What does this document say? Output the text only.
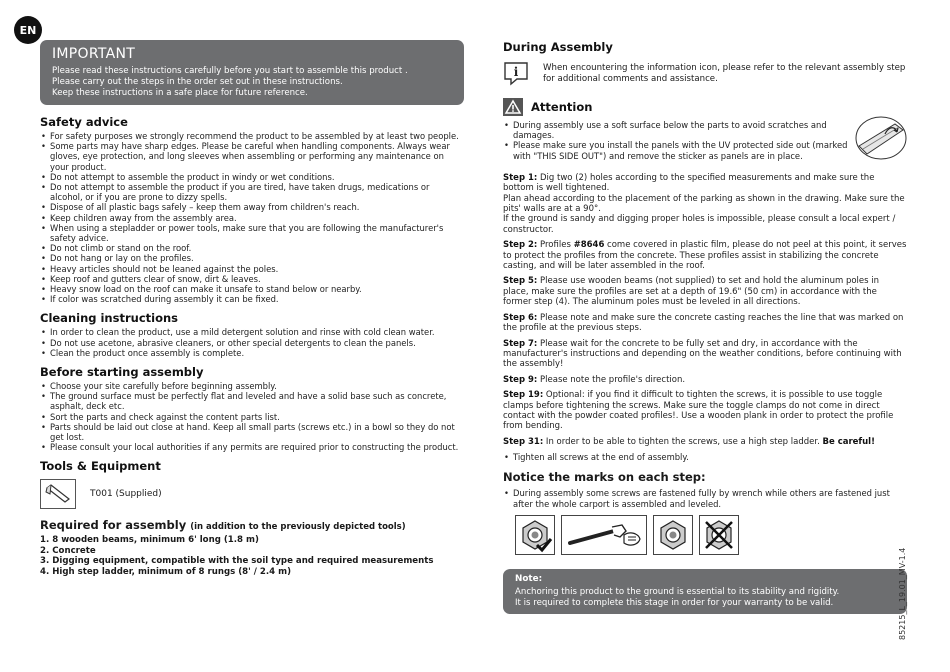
EN
IMPORTANT

Please read these instructions carefully before you start to assemble this product .

Please carry out the steps in the order set out in these instructions.

Keep these instructions in a safe place for future reference.

Safety advice
• For safety purposes we strongly recommend the product to be assembled by at least two people.
• Some parts may have sharp edges. Please be careful when handling components. Always wear gloves, eye protection, and long sleeves when assembling or performing any maintenance on your product.
• Do not attempt to assemble the product in windy or wet conditions.
• Do not attempt to assemble the product if you are tired, have taken drugs, medications or alcohol, or if you are prone to dizzy spells.
• Dispose of all plastic bags safely – keep them away from children's reach.
• Keep children away from the assembly area.
• When using a stepladder or power tools, make sure that you are following the manufacturer's safety advice.
• Do not climb or stand on the roof.
• Do not hang or lay on the profiles.
• Heavy articles should not be leaned against the poles.
• Keep roof and gutters clear of snow, dirt & leaves.
• Heavy snow load on the roof can make it unsafe to stand below or nearby.
• If color was scratched during assembly it can be fixed.
Cleaning instructions
• In order to clean the product, use a mild detergent solution and rinse with cold clean water.
• Do not use acetone, abrasive cleaners, or other special detergents to clean the panels.
• Clean the product once assembly is complete.
Before starting assembly
• Choose your site carefully before beginning assembly.
• The ground surface must be perfectly flat and leveled and have a solid base such as concrete, asphalt, deck etc.
• Sort the parts and check against the content parts list.
• Parts should be laid out close at hand. Keep all small parts (screws etc.) in a bowl so they do not get lost.
• Please consult your local authorities if any permits are required prior to constructing the product.
Tools & Equipment
T001 (Supplied)
Required for assembly (in addition to the previously depicted tools)
1. 8 wooden beams, minimum 6' long (1.8 m)
2. Concrete
3. Digging equipment, compatible with the soil type and required measurements
4. High step ladder, minimum of 8 rungs (8' / 2.4 m)
During Assembly
i	When encountering the information icon, please refer to the relevant assembly step for additional comments and assistance.
Attention
• During assembly use a soft surface below the parts to avoid scratches and damages.
• Please make sure you install the panels with the UV protected side out (marked with "THIS SIDE OUT") and remove the sticker as panels are in place.

Step 1: Dig two (2) holes according to the specified measurements and make sure the bottom is well tightened.
Plan ahead according to the placement of the parking as shown in the drawing. Make sure the pits' walls are at a 90°.
If the ground is sandy and digging proper holes is impossible, please consult a local expert / constructor.

Step 2: Profiles #8646 come covered in plastic film, please do not peel at this point, it serves to protect the profiles from the concrete. These profiles assist in stabilizing the concrete casting, and will be later assembled in the roof.

Step 5: Please use wooden beams (not supplied) to set and hold the aluminum poles in place, make sure the profiles are set at a depth of 19.6" (50 cm) in accordance with the former step (4). The aluminum poles must be leveled in all directions.

Step 6: Please note and make sure the concrete casting reaches the line that was marked on the profile at the previous steps.

Step 7: Please wait for the concrete to be fully set and dry, in accordance with the manufacturer's instructions and depending on the weather conditions, before continuing with the assembly!

Step 9: Please note the profile's direction.

Step 19: Optional: if you find it difficult to tighten the screws, it is possible to use toggle clamps before tightening the screws. Make sure the toggle clamps do not come in direct contact with the powder coated profiles!. Use a wooden plank in order to protect the profile from bending.

Step 31: In order to be able to tighten the screws, use a high step ladder. Be careful!

• Tighten all screws at the end of assembly.
Notice the marks on each step:
• During assembly some screws are fastened fully by wrench while others are fastened just after the whole carport is assembled and leveled.
Note:

Anchoring this product to the ground is essential to its stability and rigidity.

It is required to complete this stage in order for your warranty to be valid.	85215_L_19.01_MV-1.4
